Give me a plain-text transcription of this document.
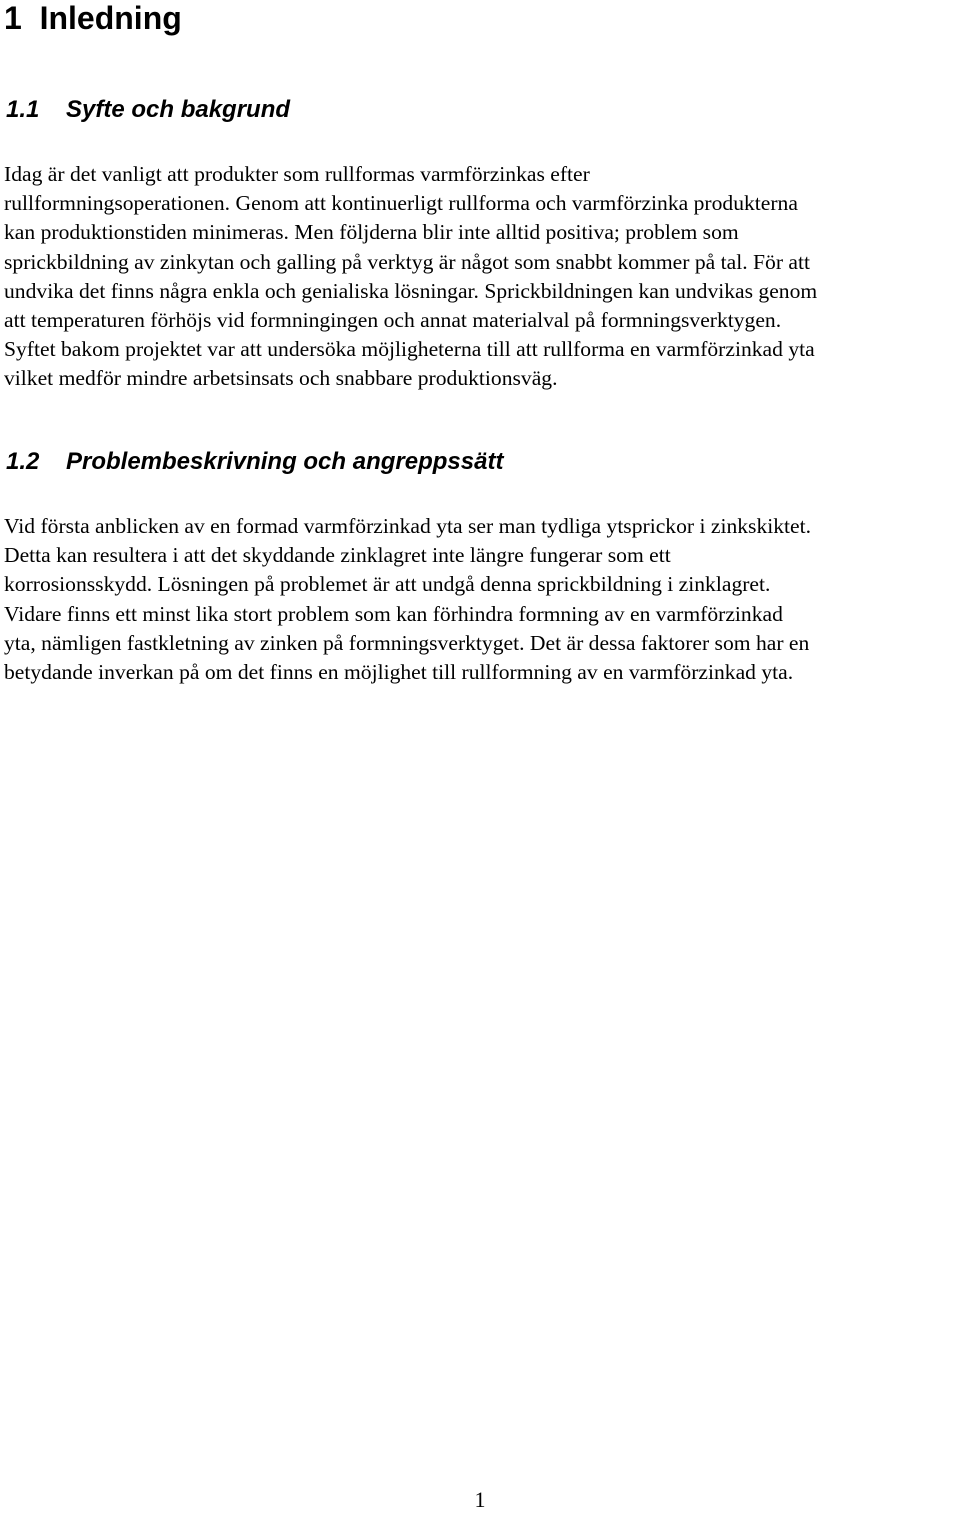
1 Inledning
1.1 Syfte och bakgrund
Idag är det vanligt att produkter som rullformas varmförzinkas efter
rullformningsoperationen. Genom att kontinuerligt rullforma och varmförzinka produkterna
kan produktionstiden minimeras. Men följderna blir inte alltid positiva; problem som
sprickbildning av zinkytan och galling på verktyg är något som snabbt kommer på tal. För att
undvika det finns några enkla och genialiska lösningar. Sprickbildningen kan undvikas genom
att temperaturen förhöjs vid formningingen och annat materialval på formningsverktygen.
Syftet bakom projektet var att undersöka möjligheterna till att rullforma en varmförzinkad yta
vilket medför mindre arbetsinsats och snabbare produktionsväg.
1.2 Problembeskrivning och angreppssätt
Vid första anblicken av en formad varmförzinkad yta ser man tydliga ytsprickor i zinkskiktet.
Detta kan resultera i att det skyddande zinklagret inte längre fungerar som ett
korrosionsskydd. Lösningen på problemet är att undgå denna sprickbildning i zinklagret.
Vidare finns ett minst lika stort problem som kan förhindra formning av en varmförzinkad
yta, nämligen fastkletning av zinken på formningsverktyget. Det är dessa faktorer som har en
betydande inverkan på om det finns en möjlighet till rullformning av en varmförzinkad yta.
1
